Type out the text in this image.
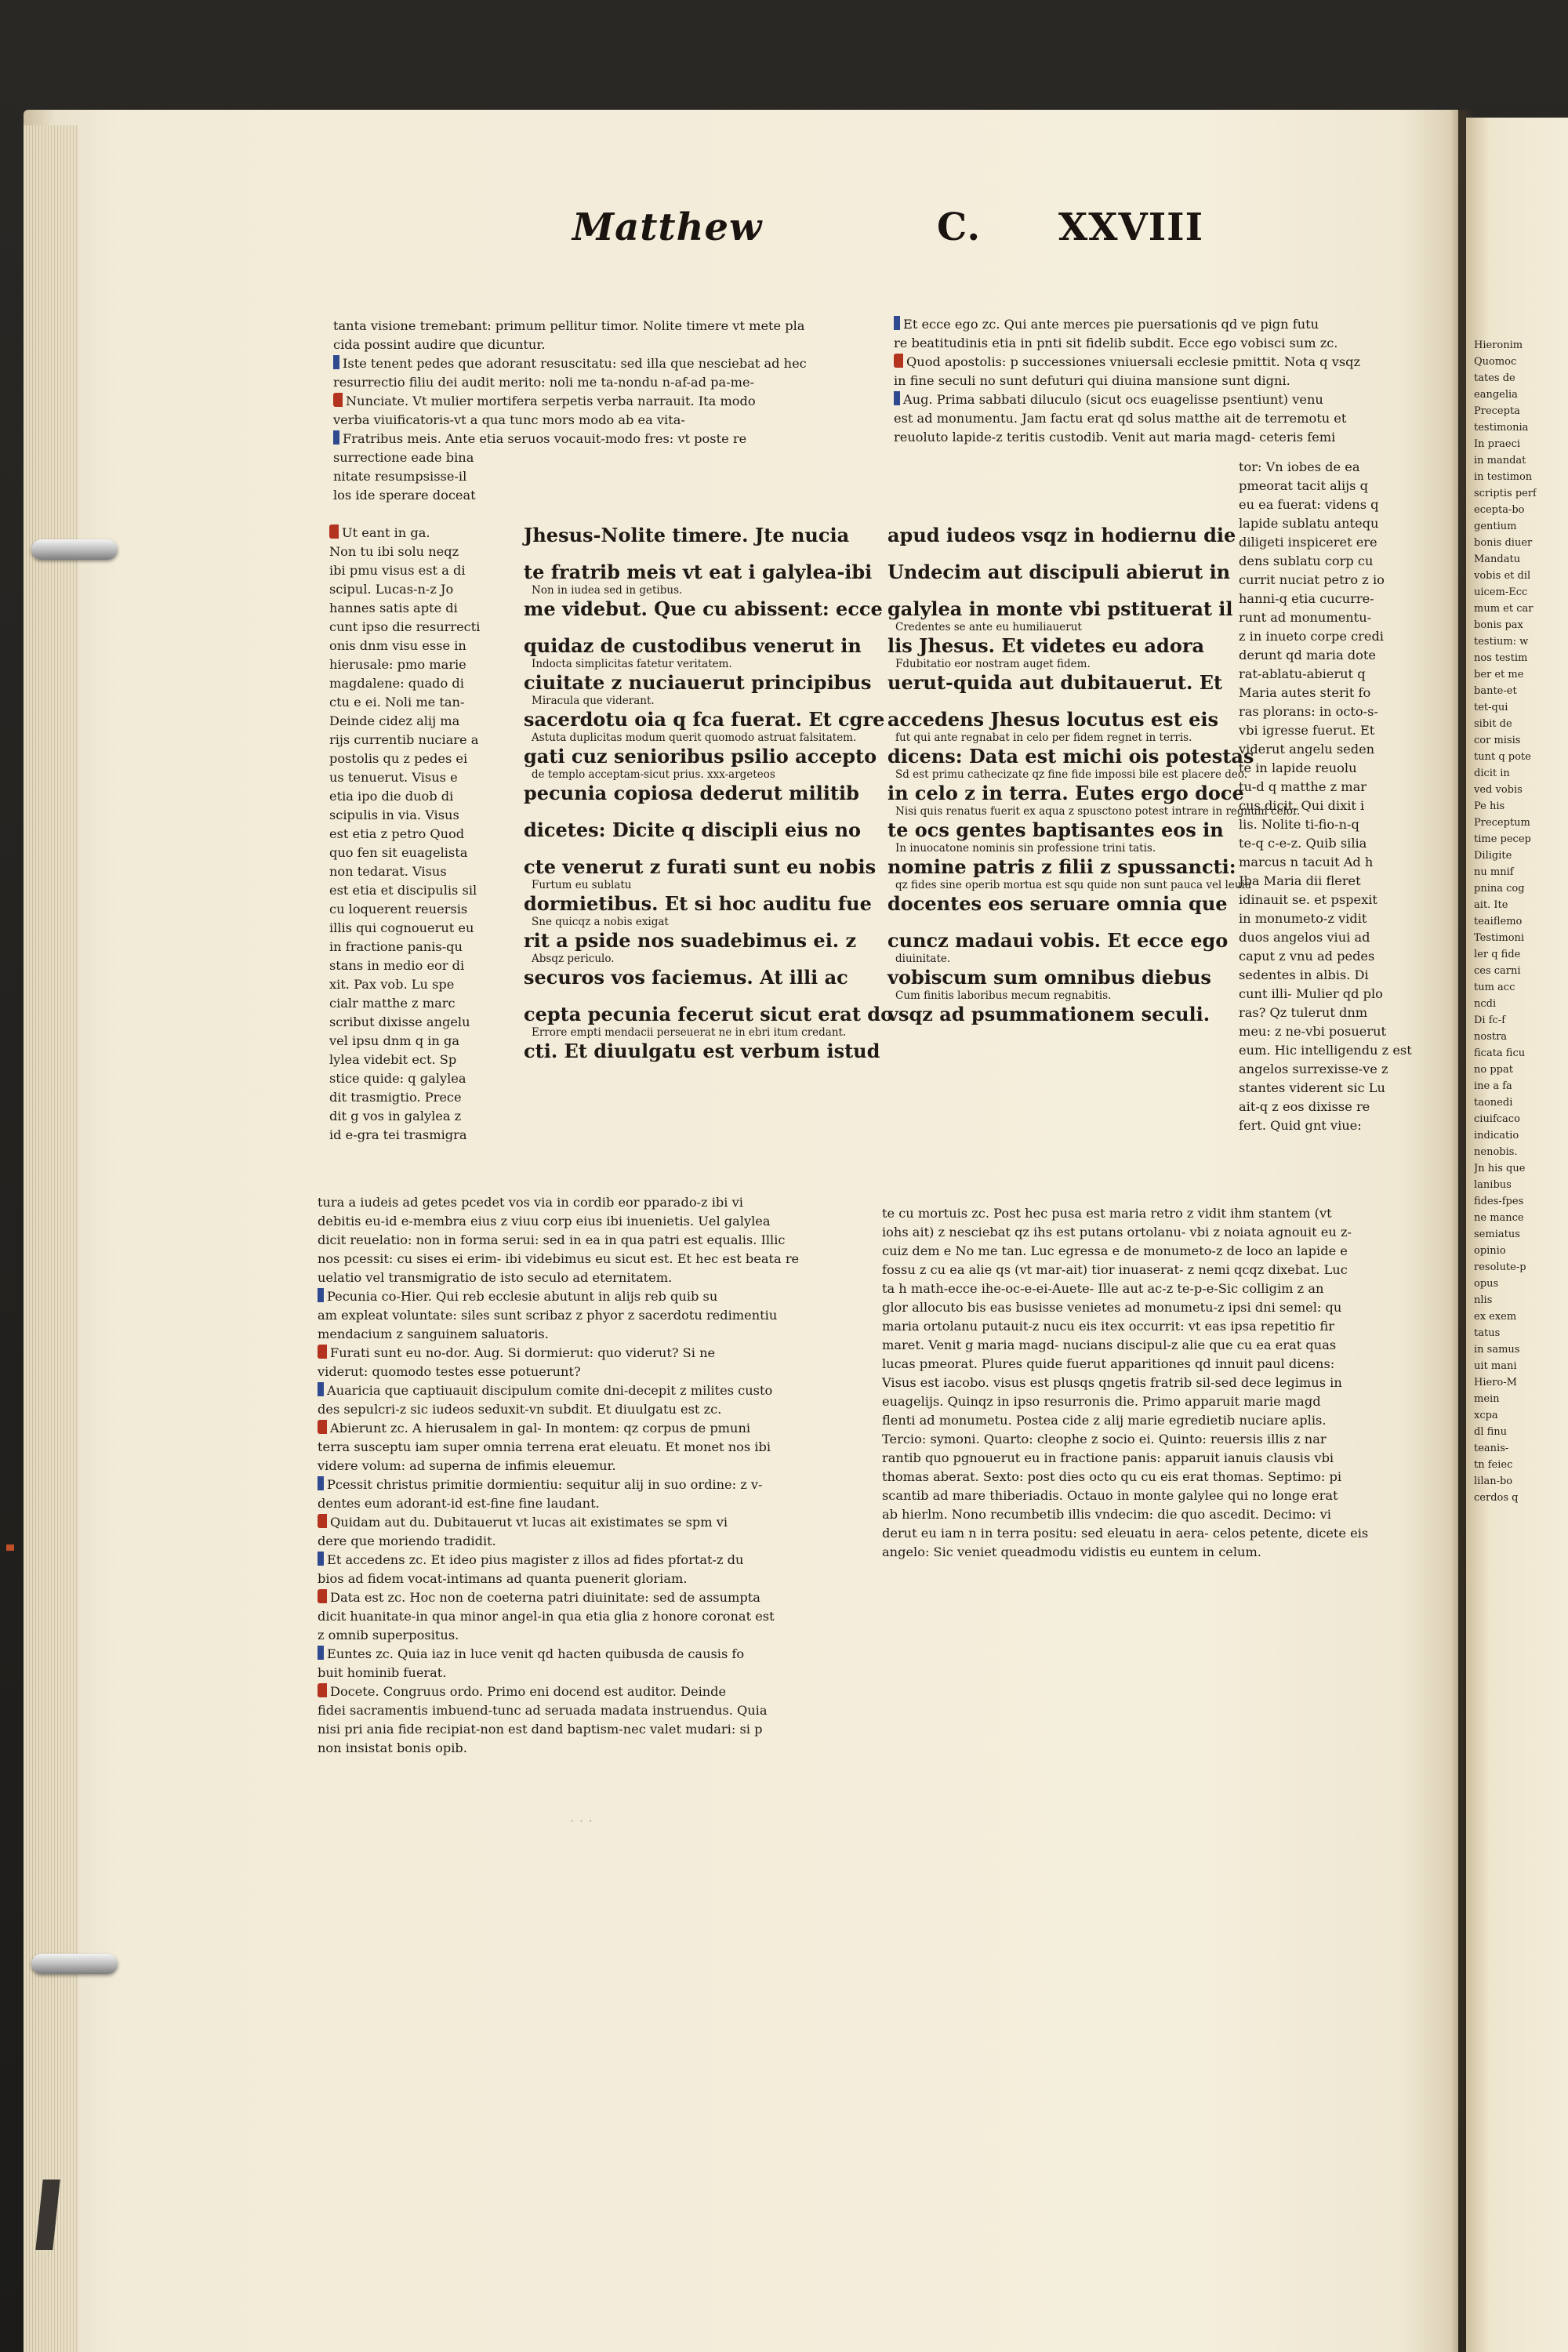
Matthew	C. XXVIII

tanta visione tremebant: primum pellitur timor. Nolite timere vt mete pla

cida possint audire que dicuntur.

Iste tenent pedes que adorant resuscitatu: sed illa que nesciebat ad hec

resurrectio filiu dei audit merito: noli me ta-nondu n-af-ad pa-me-

Nunciate. Vt mulier mortifera serpetis verba narrauit. Ita modo

verba viuificatoris-vt a qua tunc mors modo ab ea vita-

Fratribus meis. Ante etia seruos vocauit-modo fres: vt poste re

surrectione eade bina

nitate resumpsisse-il

los ide sperare doceat

Ut eant in ga.

Non tu ibi solu neqz

ibi pmu visus est a di

scipul. Lucas-n-z Jo

hannes satis apte di

cunt ipso die resurrecti

onis dnm visu esse in

hierusale: pmo marie

magdalene: quado di

ctu e ei. Noli me tan-

Deinde cidez alij ma

rijs currentib nuciare a

postolis qu z pedes ei

us tenuerut. Visus e

etia ipo die duob di

scipulis in via. Visus

est etia z petro Quod

quo fen sit euagelista

non tedarat. Visus

est etia et discipulis sil

cu loquerent reuersis

illis qui cognouerut eu

in fractione panis-qu

stans in medio eor di

xit. Pax vob. Lu spe

cialr matthe z marc

scribut dixisse angelu

vel ipsu dnm q in ga

lylea videbit ect. Sp

stice quide: q galylea

dit trasmigtio. Prece

dit g vos in galylea z

id e-gra tei trasmigra

Jhesus-Nolite timere. Jte nucia

te fratrib meis vt eat i galylea-ibi

Non in iudea sed in getibus.

me videbut. Que cu abissent: ecce

quidaz de custodibus venerut in

Indocta simplicitas fatetur veritatem.

ciuitate z nuciauerut principibus

Miracula que viderant.

sacerdotu oia q fca fuerat. Et cgre

Astuta duplicitas modum querit quomodo astruat falsitatem.

gati cuz senioribus psilio accepto

de templo acceptam-sicut prius. xxx-argeteos

pecunia copiosa dederut militib

dicetes: Dicite q discipli eius no

cte venerut z furati sunt eu nobis

Furtum eu sublatu

dormietibus. Et si hoc auditu fue

Sne quicqz a nobis exigat

rit a pside nos suadebimus ei. z

Absqz periculo.

securos vos faciemus. At illi ac

cepta pecunia fecerut sicut erat do

Errore empti mendacii perseuerat ne in ebri itum credant.

cti. Et diuulgatu est verbum istud

apud iudeos vsqz in hodiernu die

Undecim aut discipuli abierut in

galylea in monte vbi pstituerat il

Credentes se ante eu humiliauerut

lis Jhesus. Et videtes eu adora

Fdubitatio eor nostram auget fidem.

uerut-quida aut dubitauerut. Et

accedens Jhesus locutus est eis

fut qui ante regnabat in celo per fidem regnet in terris.

dicens: Data est michi ois potestas

Sd est primu cathecizate qz fine fide impossi bile est placere deo.

in celo z in terra. Eutes ergo doce

Nisi quis renatus fuerit ex aqua z spusctono potest intrare in regnum celor.

te ocs gentes baptisantes eos in

In inuocatone nominis sin professione trini tatis.

nomine patris z filii z spussancti:

qz fides sine operib mortua est squ quide non sunt pauca vel leuia

docentes eos seruare omnia que

cuncz madaui vobis. Et ecce ego

diuinitate.

vobiscum sum omnibus diebus

Cum finitis laboribus mecum regnabitis.

vsqz ad psummationem seculi.

Et ecce ego zc. Qui ante merces pie puersationis qd ve pign futu

re beatitudinis etia in pnti sit fidelib subdit. Ecce ego vobisci sum zc.

Quod apostolis: p successiones vniuersali ecclesie pmittit. Nota q vsqz

in fine seculi no sunt defuturi qui diuina mansione sunt digni.

Aug. Prima sabbati diluculo (sicut ocs euagelisse psentiunt) venu

est ad monumentu. Jam factu erat qd solus matthe ait de terremotu et

reuoluto lapide-z teritis custodib. Venit aut maria magd- ceteris femi

tor: Vn iobes de ea

pmeorat tacit alijs q

eu ea fuerat: videns q

lapide sublatu antequ

diligeti inspiceret ere

dens sublatu corp cu

currit nuciat petro z io

hanni-q etia cucurre-

runt ad monumentu-

z in inueto corpe credi

derunt qd maria dote

rat-ablatu-abierut q

Maria autes sterit fo

ras plorans: in octo-s-

vbi igresse fuerut. Et

viderut angelu seden

te in lapide reuolu

tu-d q matthe z mar

cus dicit. Qui dixit i

lis. Nolite ti-fio-n-q

te-q c-e-z. Quib silia

marcus n tacuit Ad h

Jba Maria dii fleret

idinauit se. et pspexit

in monumeto-z vidit

duos angelos viui ad

caput z vnu ad pedes

sedentes in albis. Di

cunt illi- Mulier qd plo

ras? Qz tulerut dnm

meu: z ne-vbi posuerut

eum. Hic intelligendu z est

angelos surrexisse-ve z

stantes viderent sic Lu

ait-q z eos dixisse re

fert. Quid gnt viue:

te cu mortuis zc. Post hec pusa est maria retro z vidit ihm stantem (vt

iohs ait) z nesciebat qz ihs est putans ortolanu- vbi z noiata agnouit eu z-

cuiz dem e No me tan. Luc egressa e de monumeto-z de loco an lapide e

fossu z cu ea alie qs (vt mar-ait) tior inuaserat- z nemi qcqz dixebat. Luc

ta h math-ecce ihe-oc-e-ei-Auete- Ille aut ac-z te-p-e-Sic colligim z an

glor allocuto bis eas busisse venietes ad monumetu-z ipsi dni semel: qu

maria ortolanu putauit-z nucu eis itex occurrit: vt eas ipsa repetitio fir

maret. Venit g maria magd- nucians discipul-z alie que cu ea erat quas

lucas pmeorat. Plures quide fuerut apparitiones qd innuit paul dicens:

Visus est iacobo. visus est plusqs qngetis fratrib sil-sed dece legimus in

euagelijs. Quinqz in ipso resurronis die. Primo apparuit marie magd

flenti ad monumetu. Postea cide z alij marie egredietib nuciare aplis.

Tercio: symoni. Quarto: cleophe z socio ei. Quinto: reuersis illis z nar

rantib quo pgnouerut eu in fractione panis: apparuit ianuis clausis vbi

thomas aberat. Sexto: post dies octo qu cu eis erat thomas. Septimo: pi

scantib ad mare thiberiadis. Octauo in monte galylee qui no longe erat

ab hierlm. Nono recumbetib illis vndecim: die quo ascedit. Decimo: vi

derut eu iam n in terra positu: sed eleuatu in aera- celos petente, dicete eis

angelo: Sic veniet queadmodu vidistis eu euntem in celum.

tura a iudeis ad getes pcedet vos via in cordib eor pparado-z ibi vi

debitis eu-id e-membra eius z viuu corp eius ibi inuenietis. Uel galylea

dicit reuelatio: non in forma serui: sed in ea in qua patri est equalis. Illic

nos pcessit: cu sises ei erim- ibi videbimus eu sicut est. Et hec est beata re

uelatio vel transmigratio de isto seculo ad eternitatem.

Pecunia co-Hier. Qui reb ecclesie abutunt in alijs reb quib su

am expleat voluntate: siles sunt scribaz z phyor z sacerdotu redimentiu

mendacium z sanguinem saluatoris.

Furati sunt eu no-dor. Aug. Si dormierut: quo viderut? Si ne

viderut: quomodo testes esse potuerunt?

Auaricia que captiuauit discipulum comite dni-decepit z milites custo

des sepulcri-z sic iudeos seduxit-vn subdit. Et diuulgatu est zc.

Abierunt zc. A hierusalem in gal- In montem: qz corpus de pmuni

terra susceptu iam super omnia terrena erat eleuatu. Et monet nos ibi

videre volum: ad superna de infimis eleuemur.

Pcessit christus primitie dormientiu: sequitur alij in suo ordine: z v-

dentes eum adorant-id est-fine fine laudant.

Quidam aut du. Dubitauerut vt lucas ait existimates se spm vi

dere que moriendo tradidit.

Et accedens zc. Et ideo pius magister z illos ad fides pfortat-z du

bios ad fidem vocat-intimans ad quanta puenerit gloriam.

Data est zc. Hoc non de coeterna patri diuinitate: sed de assumpta

dicit huanitate-in qua minor angel-in qua etia glia z honore coronat est

z omnib superpositus.

Euntes zc. Quia iaz in luce venit qd hacten quibusda de causis fo

buit hominib fuerat.

Docete. Congruus ordo. Primo eni docend est auditor. Deinde

fidei sacramentis imbuend-tunc ad seruada madata instruendus. Quia

nisi pri ania fide recipiat-non est dand baptism-nec valet mudari: si p

non insistat bonis opib.

Hieronim

Quomoc

tates de

eangelia

Precepta

testimonia

In praeci

in mandat

in testimon

scriptis perf

ecepta-bo

gentium

bonis diuer

Mandatu

vobis et dil

uicem-Ecc

mum et car

bonis pax

testium: w

nos testim

ber et me

bante-et

tet-qui

sibit de

cor misis

tunt q pote

dicit in

ved vobis

Pe his

Preceptum

time pecep

Diligite

nu mnif

pnina cog

ait. Ite

teaiflemo

Testimoni

ler q fide

ces carni

tum acc

ncdi

Di fc-f

nostra

ficata ficu

no ppat

ine a fa

taonedi

ciuifcaco

indicatio

nenobis.

Jn his que

lanibus

fides-fpes

ne mance

semiatus

opinio

resolute-p

opus

nlis

ex exem

tatus

in samus

uit mani

Hiero-M

mein

xcpa

dl finu

teanis-

tn feiec

lilan-bo

cerdos q

· · ·
